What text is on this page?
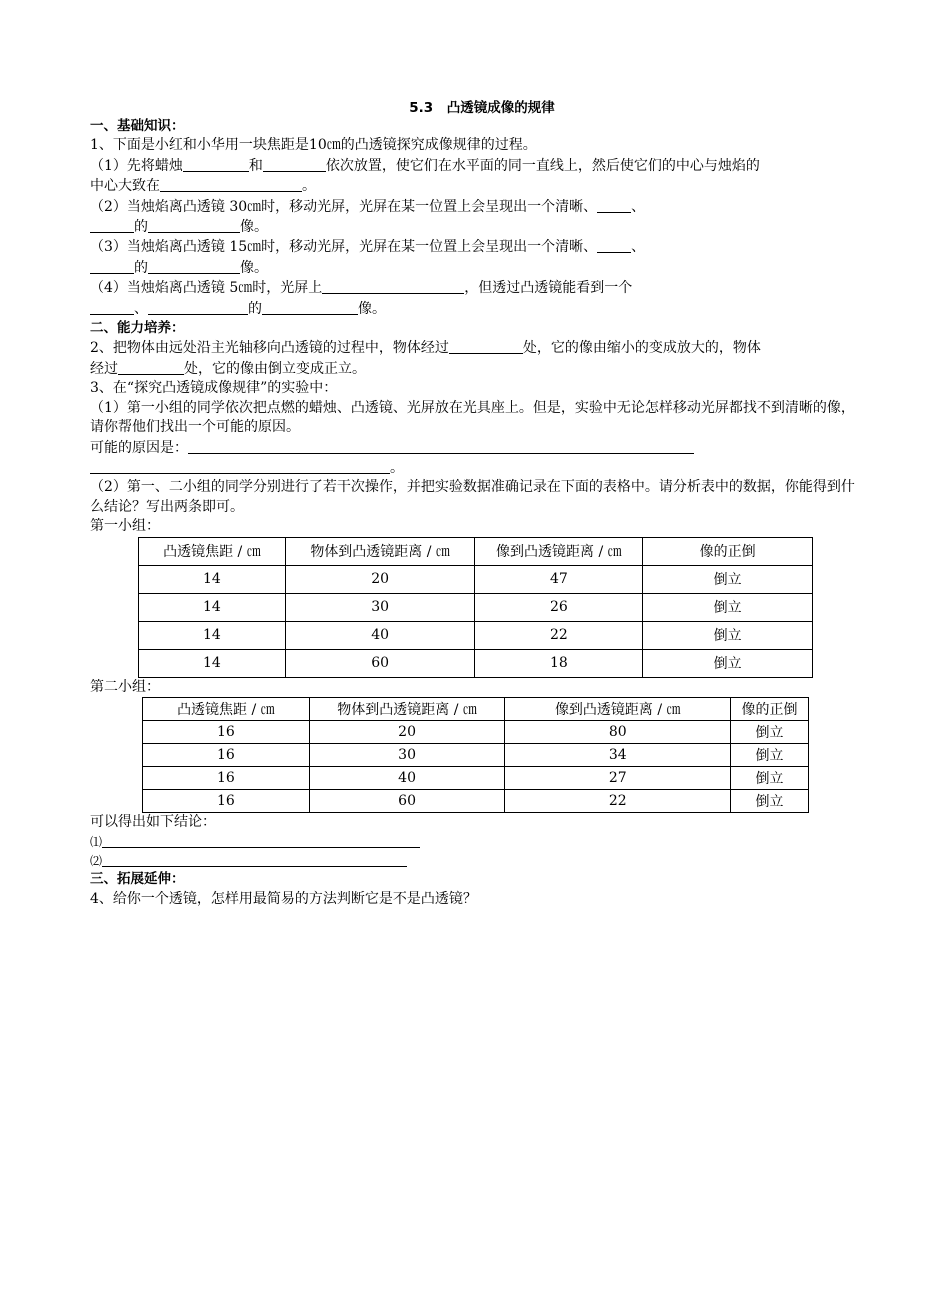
5.3　凸透镜成像的规律
一、基础知识：
1、下面是小红和小华用一块焦距是10㎝的凸透镜探究成像规律的过程。
（1）先将蜡烛	和	依次放置，使它们在水平面的同一直线上，然后使它们的中心与烛焰的
中心大致在	。
（2）当烛焰离凸透镜 30㎝时，移动光屏，光屏在某一位置上会呈现出一个清晰、 、
的	像。
（3）当烛焰离凸透镜 15㎝时，移动光屏，光屏在某一位置上会呈现出一个清晰、 、
的	像。
（4）当烛焰离凸透镜 5㎝时，光屏上	，但透过凸透镜能看到一个
、	的	像。
二、能力培养：
2、把物体由远处沿主光轴移向凸透镜的过程中，物体经过	处，它的像由缩小的变成放大的，物体
经过	处，它的像由倒立变成正立。
3、在“探究凸透镜成像规律”的实验中：
（1）第一小组的同学依次把点燃的蜡烛、凸透镜、光屏放在光具座上。但是，实验中无论怎样移动光屏都找不到清晰的像，请你帮他们找出一个可能的原因。
可能的原因是：
。
（2）第一、二小组的同学分别进行了若干次操作，并把实验数据准确记录在下面的表格中。请分析表中的数据，你能得到什么结论？写出两条即可。
第一小组：
凸透镜焦距 / ㎝	物体到凸透镜距离 / ㎝	像到凸透镜距离 / ㎝	像的正倒
14	20	47	倒立
14	30	26	倒立
14	40	22	倒立
14	60	18	倒立
第二小组：
凸透镜焦距 / ㎝	物体到凸透镜距离 / ㎝	像到凸透镜距离 / ㎝	像的正倒
16	20	80	倒立
16	30	34	倒立
16	40	27	倒立
16	60	22	倒立
可以得出如下结论：
⑴
⑵
三、拓展延伸：
4、给你一个透镜，怎样用最简易的方法判断它是不是凸透镜？
